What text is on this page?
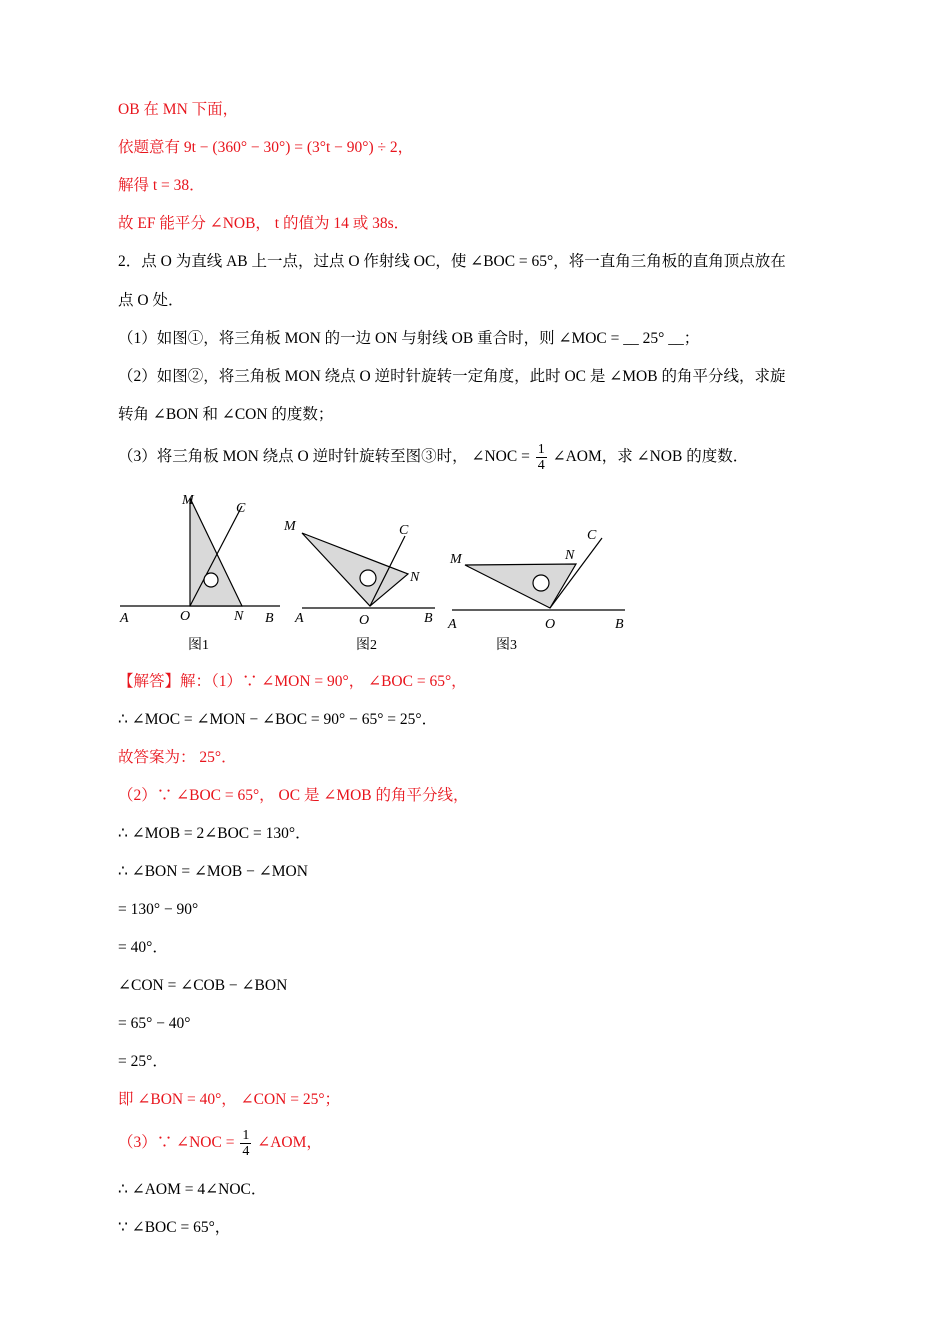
OB 在 MN 下面，
依题意有 9t − (360° − 30°) = (3°t − 90°) ÷ 2，
解得 t = 38．
故 EF 能平分 ∠NOB， t 的值为 14 或 38s．
2．点 O 为直线 AB 上一点，过点 O 作射线 OC，使 ∠BOC = 65°，将一直角三角板的直角顶点放在
点 O 处．
（1）如图①，将三角板 MON 的一边 ON 与射线 OB 重合时，则 ∠MOC = __ 25° __；
（2）如图②，将三角板 MON 绕点 O 逆时针旋转一定角度，此时 OC 是 ∠MOB 的角平分线，求旋
转角 ∠BON 和 ∠CON 的度数；
（3）将三角板 MON 绕点 O 逆时针旋转至图③时， ∠NOC = $\frac{1}{4}$ ∠AOM，求 ∠NOB 的度数．
A	O	N B
M
C
图1
A	O	B
M	C
N
图2
A	O	B
M
C
N
图3
【解答】解：（1）∵ ∠MON = 90°， ∠BOC = 65°，
∴ ∠MOC = ∠MON − ∠BOC = 90° − 65° = 25°．
故答案为： 25°．
（2）∵ ∠BOC = 65°， OC 是 ∠MOB 的角平分线，
∴ ∠MOB = 2∠BOC = 130°．
∴ ∠BON = ∠MOB − ∠MON
= 130° − 90°
= 40°．
∠CON = ∠COB − ∠BON
= 65° − 40°
= 25°．
即 ∠BON = 40°， ∠CON = 25°；
（3）∵ ∠NOC = $\frac{1}{4}$ ∠AOM，
∴ ∠AOM = 4∠NOC．
∵ ∠BOC = 65°，
